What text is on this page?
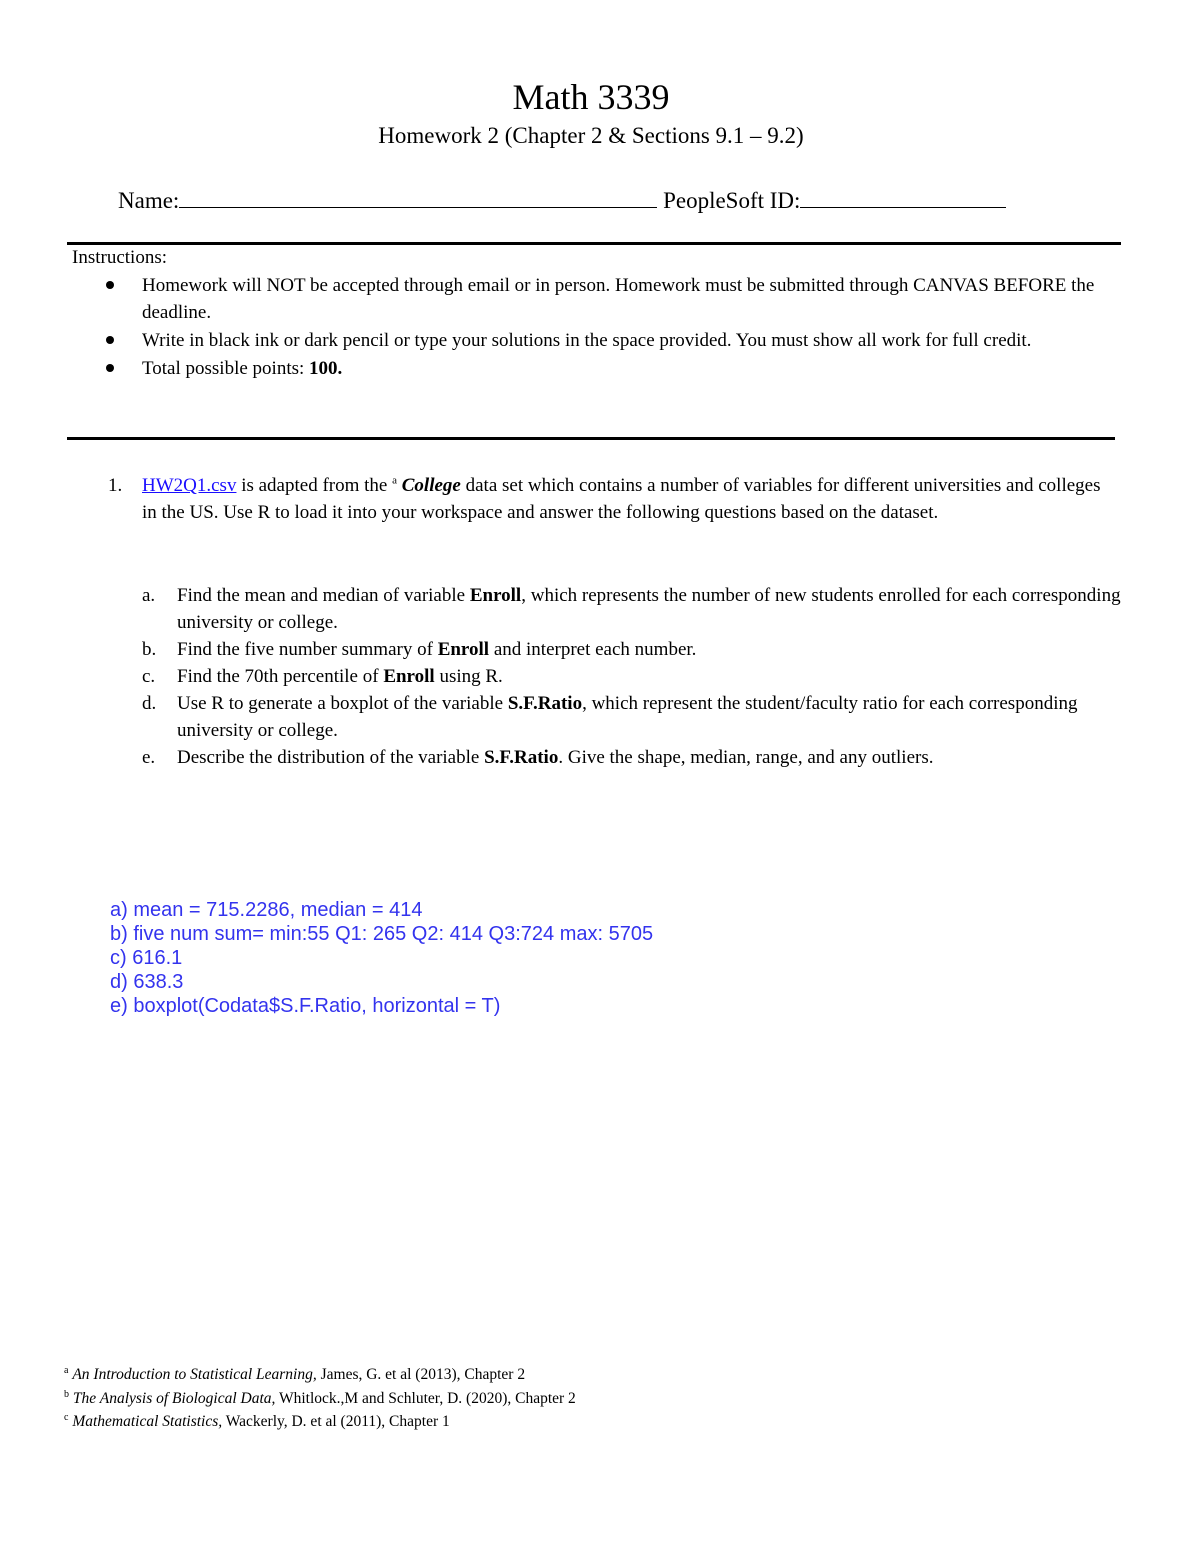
Math 3339
Homework 2 (Chapter 2 & Sections 9.1 – 9.2)
Name:	PeopleSoft ID:
Instructions:
Homework will NOT be accepted through email or in person. Homework must be submitted through CANVAS BEFORE the deadline.
Write in black ink or dark pencil or type your solutions in the space provided. You must show all work for full credit.
Total possible points: 100.
1. HW2Q1.csv is adapted from the $^a$ College data set which contains a number of variables for different universities and colleges in the US. Use R to load it into your workspace and answer the following questions based on the dataset.
a. Find the mean and median of variable Enroll, which represents the number of new students enrolled for each corresponding university or college.
b. Find the five number summary of Enroll and interpret each number.
c. Find the 70th percentile of Enroll using R.
d. Use R to generate a boxplot of the variable S.F.Ratio, which represent the student/faculty ratio for each corresponding university or college.
e. Describe the distribution of the variable S.F.Ratio. Give the shape, median, range, and any outliers.
a) mean = 715.2286, median = 414
b) five num sum= min:55 Q1: 265 Q2: 414 Q3:724 max: 5705
c) 616.1
d) 638.3
e) boxplot(Codata$S.F.Ratio, horizontal = T)
$^a$ An Introduction to Statistical Learning, James, G. et al (2013), Chapter 2
$^b$ The Analysis of Biological Data, Whitlock.,M and Schluter, D. (2020), Chapter 2
$^c$ Mathematical Statistics, Wackerly, D. et al (2011), Chapter 1
